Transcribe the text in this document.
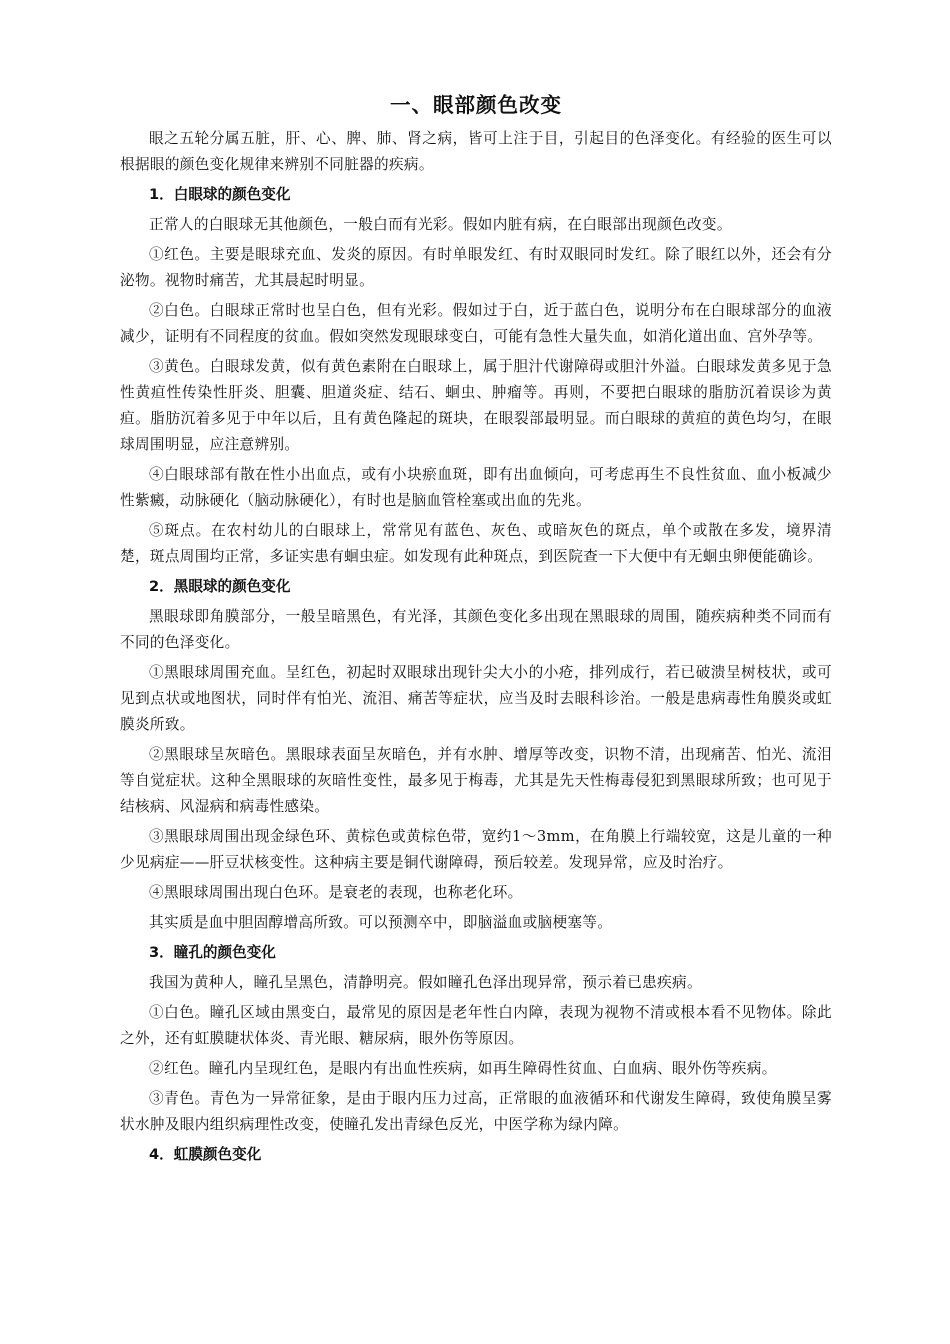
一、眼部颜色改变

眼之五轮分属五脏，肝、心、脾、肺、肾之病，皆可上注于目，引起目的色泽变化。有经验的医生可以根据眼的颜色变化规律来辨别不同脏器的疾病。

1．白眼球的颜色变化

正常人的白眼球无其他颜色，一般白而有光彩。假如内脏有病，在白眼部出现颜色改变。

①红色。主要是眼球充血、发炎的原因。有时单眼发红、有时双眼同时发红。除了眼红以外，还会有分泌物。视物时痛苦，尤其晨起时明显。

②白色。白眼球正常时也呈白色，但有光彩。假如过于白，近于蓝白色，说明分布在白眼球部分的血液减少，证明有不同程度的贫血。假如突然发现眼球变白，可能有急性大量失血，如消化道出血、宫外孕等。

③黄色。白眼球发黄，似有黄色素附在白眼球上，属于胆汁代谢障碍或胆汁外溢。白眼球发黄多见于急性黄疸性传染性肝炎、胆囊、胆道炎症、结石、蛔虫、肿瘤等。再则，不要把白眼球的脂肪沉着误诊为黄疸。脂肪沉着多见于中年以后，且有黄色隆起的斑块，在眼裂部最明显。而白眼球的黄疸的黄色均匀，在眼球周围明显，应注意辨别。

④白眼球部有散在性小出血点，或有小块瘀血斑，即有出血倾向，可考虑再生不良性贫血、血小板减少性紫癜，动脉硬化（脑动脉硬化），有时也是脑血管栓塞或出血的先兆。

⑤斑点。在农村幼儿的白眼球上，常常见有蓝色、灰色、或暗灰色的斑点，单个或散在多发，境界清楚，斑点周围均正常，多证实患有蛔虫症。如发现有此种斑点，到医院查一下大便中有无蛔虫卵便能确诊。

2．黑眼球的颜色变化

黑眼球即角膜部分，一般呈暗黑色，有光泽，其颜色变化多出现在黑眼球的周围，随疾病种类不同而有不同的色泽变化。

①黑眼球周围充血。呈红色，初起时双眼球出现针尖大小的小疮，排列成行，若已破溃呈树枝状，或可见到点状或地图状，同时伴有怕光、流泪、痛苦等症状，应当及时去眼科诊治。一般是患病毒性角膜炎或虹膜炎所致。

②黑眼球呈灰暗色。黑眼球表面呈灰暗色，并有水肿、增厚等改变，识物不清，出现痛苦、怕光、流泪等自觉症状。这种全黑眼球的灰暗性变性，最多见于梅毒，尤其是先天性梅毒侵犯到黑眼球所致；也可见于结核病、风湿病和病毒性感染。

③黑眼球周围出现金绿色环、黄棕色或黄棕色带，宽约1～3mm，在角膜上行端较宽，这是儿童的一种少见病症——肝豆状核变性。这种病主要是铜代谢障碍，预后较差。发现异常，应及时治疗。

④黑眼球周围出现白色环。是衰老的表现，也称老化环。

其实质是血中胆固醇增高所致。可以预测卒中，即脑溢血或脑梗塞等。

3．瞳孔的颜色变化

我国为黄种人，瞳孔呈黑色，清静明亮。假如瞳孔色泽出现异常，预示着已患疾病。

①白色。瞳孔区域由黑变白，最常见的原因是老年性白内障，表现为视物不清或根本看不见物体。除此之外，还有虹膜睫状体炎、青光眼、糖尿病，眼外伤等原因。

②红色。瞳孔内呈现红色，是眼内有出血性疾病，如再生障碍性贫血、白血病、眼外伤等疾病。

③青色。青色为一异常征象，是由于眼内压力过高，正常眼的血液循环和代谢发生障碍，致使角膜呈雾状水肿及眼内组织病理性改变，使瞳孔发出青绿色反光，中医学称为绿内障。

4．虹膜颜色变化
